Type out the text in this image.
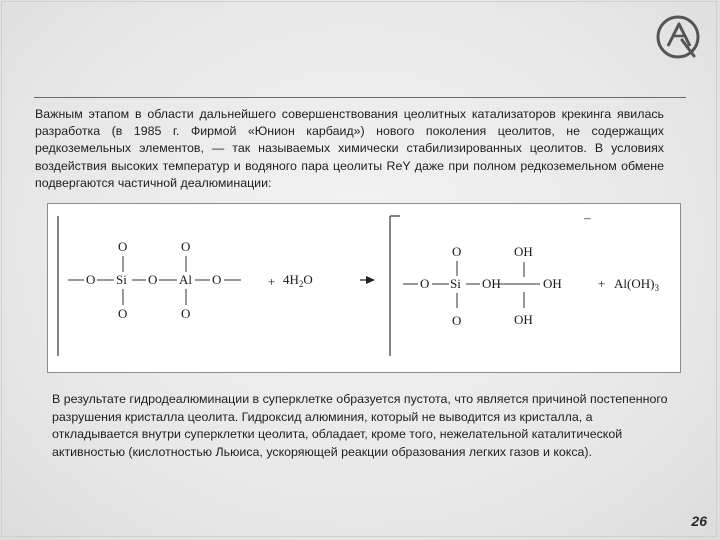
Важным этапом в области дальнейшего совершенствования цеолитных катализаторов крекинга явилась разработка (в 1985 г. Фирмой «Юнион карбаид») нового поколения цеолитов, не содержащих редкоземельных элементов, — так называемых химически стабилизированных цеолитов. В условиях воздействия высоких температур и водяного пара цеолиты ReY даже при полном редкоземельном обмене подвергаются частичной деалюминации:
O	O
O Si O Al O
O	O
+ $4H_2O$
–
O
O Si OH
O
OH
OH
OH
+ $Al(OH)_3$
В результате гидродеалюминации в суперклетке образуется пустота, что является причиной постепенного разрушения кристалла цеолита. Гидроксид алюминия, который не выводится из кристалла, а откладывается внутри суперклетки цеолита, обладает, кроме того, нежелательной каталитической активностью (кислотностью Льюиса, ускоряющей реакции образования легких газов и кокса).
26
